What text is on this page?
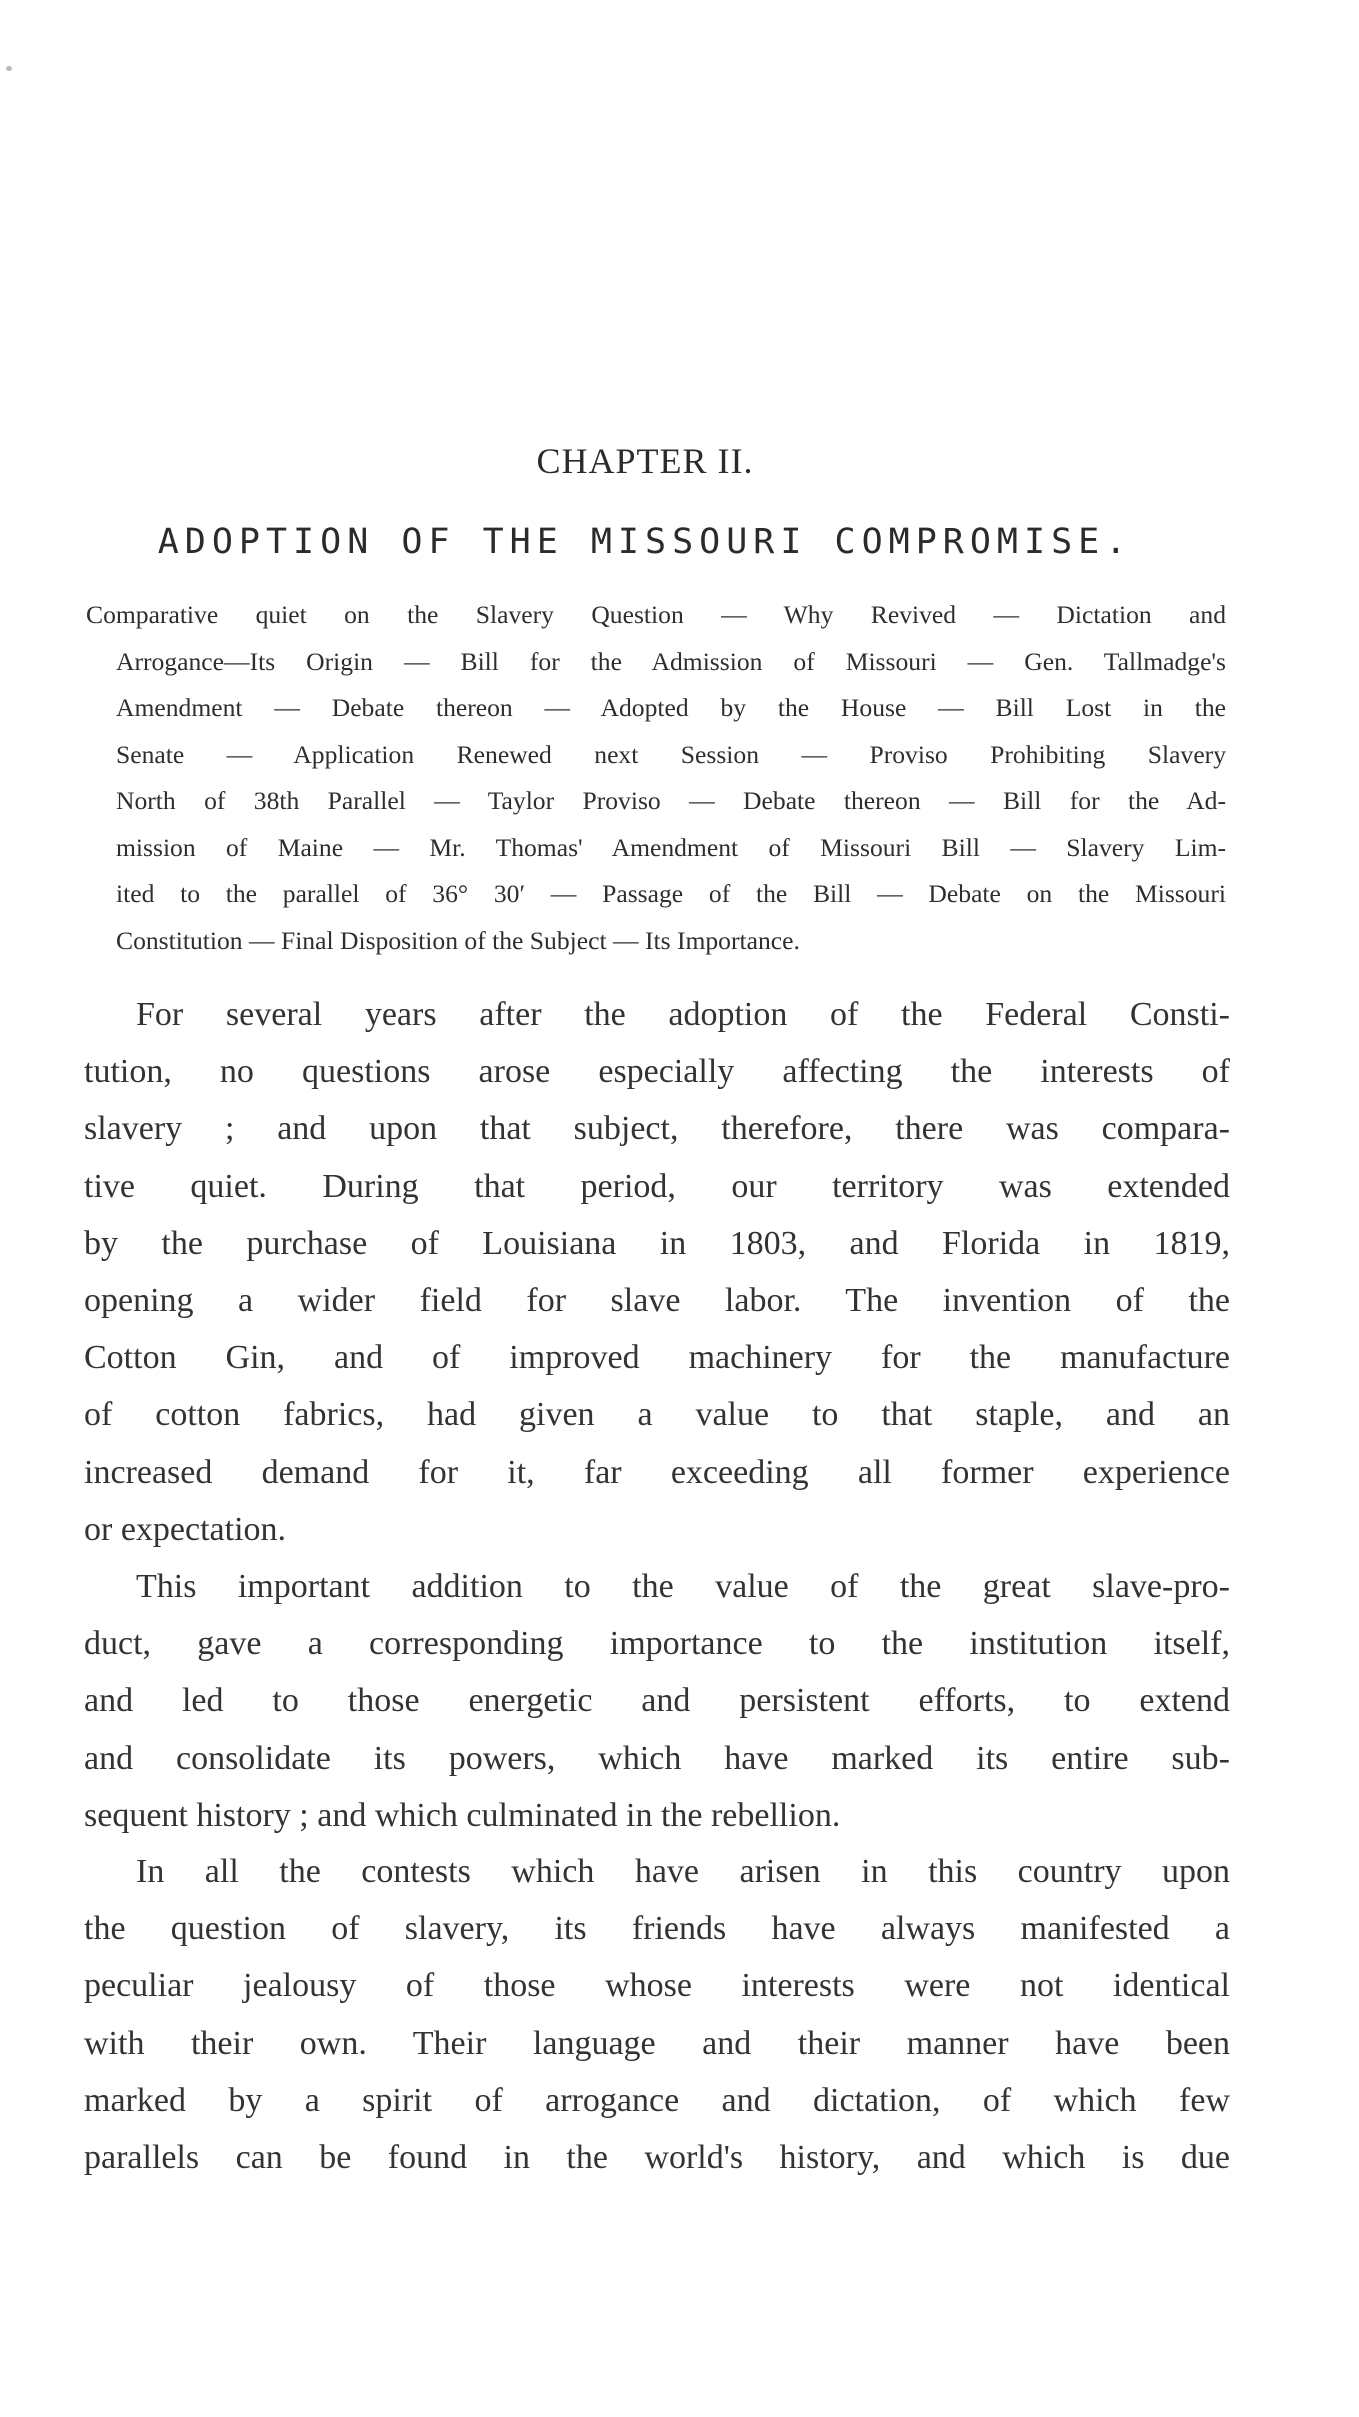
CHAPTER II.
ADOPTION OF THE MISSOURI COMPROMISE.
Comparative quiet on the Slavery Question — Why Revived — Dictation and
Arrogance—Its Origin — Bill for the Admission of Missouri — Gen. Tallmadge's
Amendment — Debate thereon — Adopted by the House — Bill Lost in the
Senate — Application Renewed next Session — Proviso Prohibiting Slavery
North of 38th Parallel — Taylor Proviso — Debate thereon — Bill for the Ad-
mission of Maine — Mr. Thomas' Amendment of Missouri Bill — Slavery Lim-
ited to the parallel of 36° 30′ — Passage of the Bill — Debate on the Missouri
Constitution — Final Disposition of the Subject — Its Importance.
For several years after the adoption of the Federal Consti-
tution, no questions arose especially affecting the interests of
slavery ; and upon that subject, therefore, there was compara-
tive quiet. During that period, our territory was extended
by the purchase of Louisiana in 1803, and Florida in 1819,
opening a wider field for slave labor. The invention of the
Cotton Gin, and of improved machinery for the manufacture
of cotton fabrics, had given a value to that staple, and an
increased demand for it, far exceeding all former experience
or expectation.
This important addition to the value of the great slave-pro-
duct, gave a corresponding importance to the institution itself,
and led to those energetic and persistent efforts, to extend
and consolidate its powers, which have marked its entire sub-
sequent history ; and which culminated in the rebellion.
In all the contests which have arisen in this country upon
the question of slavery, its friends have always manifested a
peculiar jealousy of those whose interests were not identical
with their own. Their language and their manner have been
marked by a spirit of arrogance and dictation, of which few
parallels can be found in the world's history, and which is due
